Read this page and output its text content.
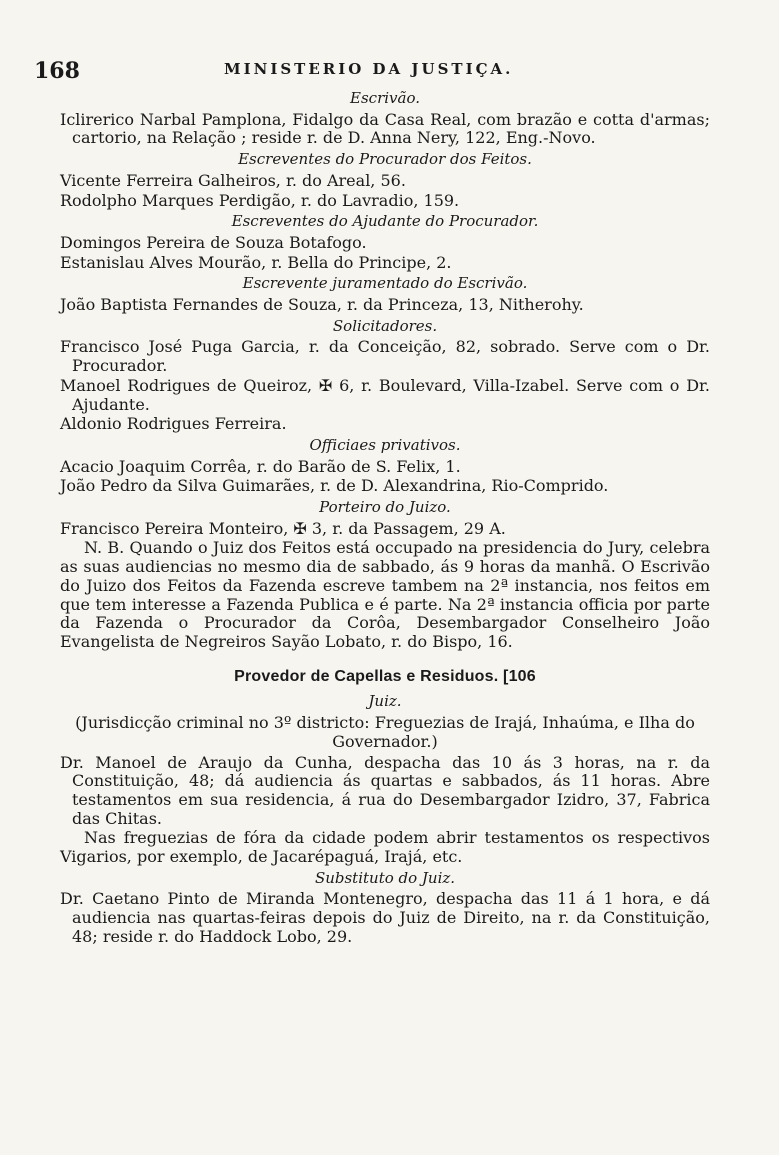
168	MINISTERIO DA JUSTIÇA.
Escrivão.

Iclirerico Narbal Pamplona, Fidalgo da Casa Real, com brazão e cotta d'armas; cartorio, na Relação ; reside r. de D. Anna Nery, 122, Eng.-Novo.

Escreventes do Procurador dos Feitos.

Vicente Ferreira Galheiros, r. do Areal, 56.

Rodolpho Marques Perdigão, r. do Lavradio, 159.

Escreventes do Ajudante do Procurador.

Domingos Pereira de Souza Botafogo.

Estanislau Alves Mourão, r. Bella do Principe, 2.

Escrevente juramentado do Escrivão.

João Baptista Fernandes de Souza, r. da Princeza, 13, Nitherohy.

Solicitadores.

Francisco José Puga Garcia, r. da Conceição, 82, sobrado. Serve com o Dr. Procurador.

Manoel Rodrigues de Queiroz, ✠ 6, r. Boulevard, Villa-Izabel. Serve com o Dr. Ajudante.

Aldonio Rodrigues Ferreira.

Officiaes privativos.

Acacio Joaquim Corrêa, r. do Barão de S. Felix, 1.

João Pedro da Silva Guimarães, r. de D. Alexandrina, Rio-Comprido.

Porteiro do Juizo.

Francisco Pereira Monteiro, ✠ 3, r. da Passagem, 29 A.

N. B. Quando o Juiz dos Feitos está occupado na presidencia do Jury, celebra as suas audiencias no mesmo dia de sabbado, ás 9 horas da manhã. O Escrivão do Juizo dos Feitos da Fazenda escreve tambem na 2ª instancia, nos feitos em que tem interesse a Fazenda Publica e é parte. Na 2ª instancia officia por parte da Fazenda o Procurador da Corôa, Desembargador Conselheiro João Evangelista de Negreiros Sayão Lobato, r. do Bispo, 16.

Provedor de Capellas e Residuos. [106
Juiz.

(Jurisdicção criminal no 3º districto: Freguezias de Irajá, Inhaúma, e Ilha do Governador.)

Dr. Manoel de Araujo da Cunha, despacha das 10 ás 3 horas, na r. da Constituição, 48; dá audiencia ás quartas e sabbados, ás 11 horas. Abre testamentos em sua residencia, á rua do Desembargador Izidro, 37, Fabrica das Chitas.

Nas freguezias de fóra da cidade podem abrir testamentos os respectivos Vigarios, por exemplo, de Jacarépaguá, Irajá, etc.

Substituto do Juiz.

Dr. Caetano Pinto de Miranda Montenegro, despacha das 11 á 1 hora, e dá audiencia nas quartas-feiras depois do Juiz de Direito, na r. da Constituição, 48; reside r. do Haddock Lobo, 29.
